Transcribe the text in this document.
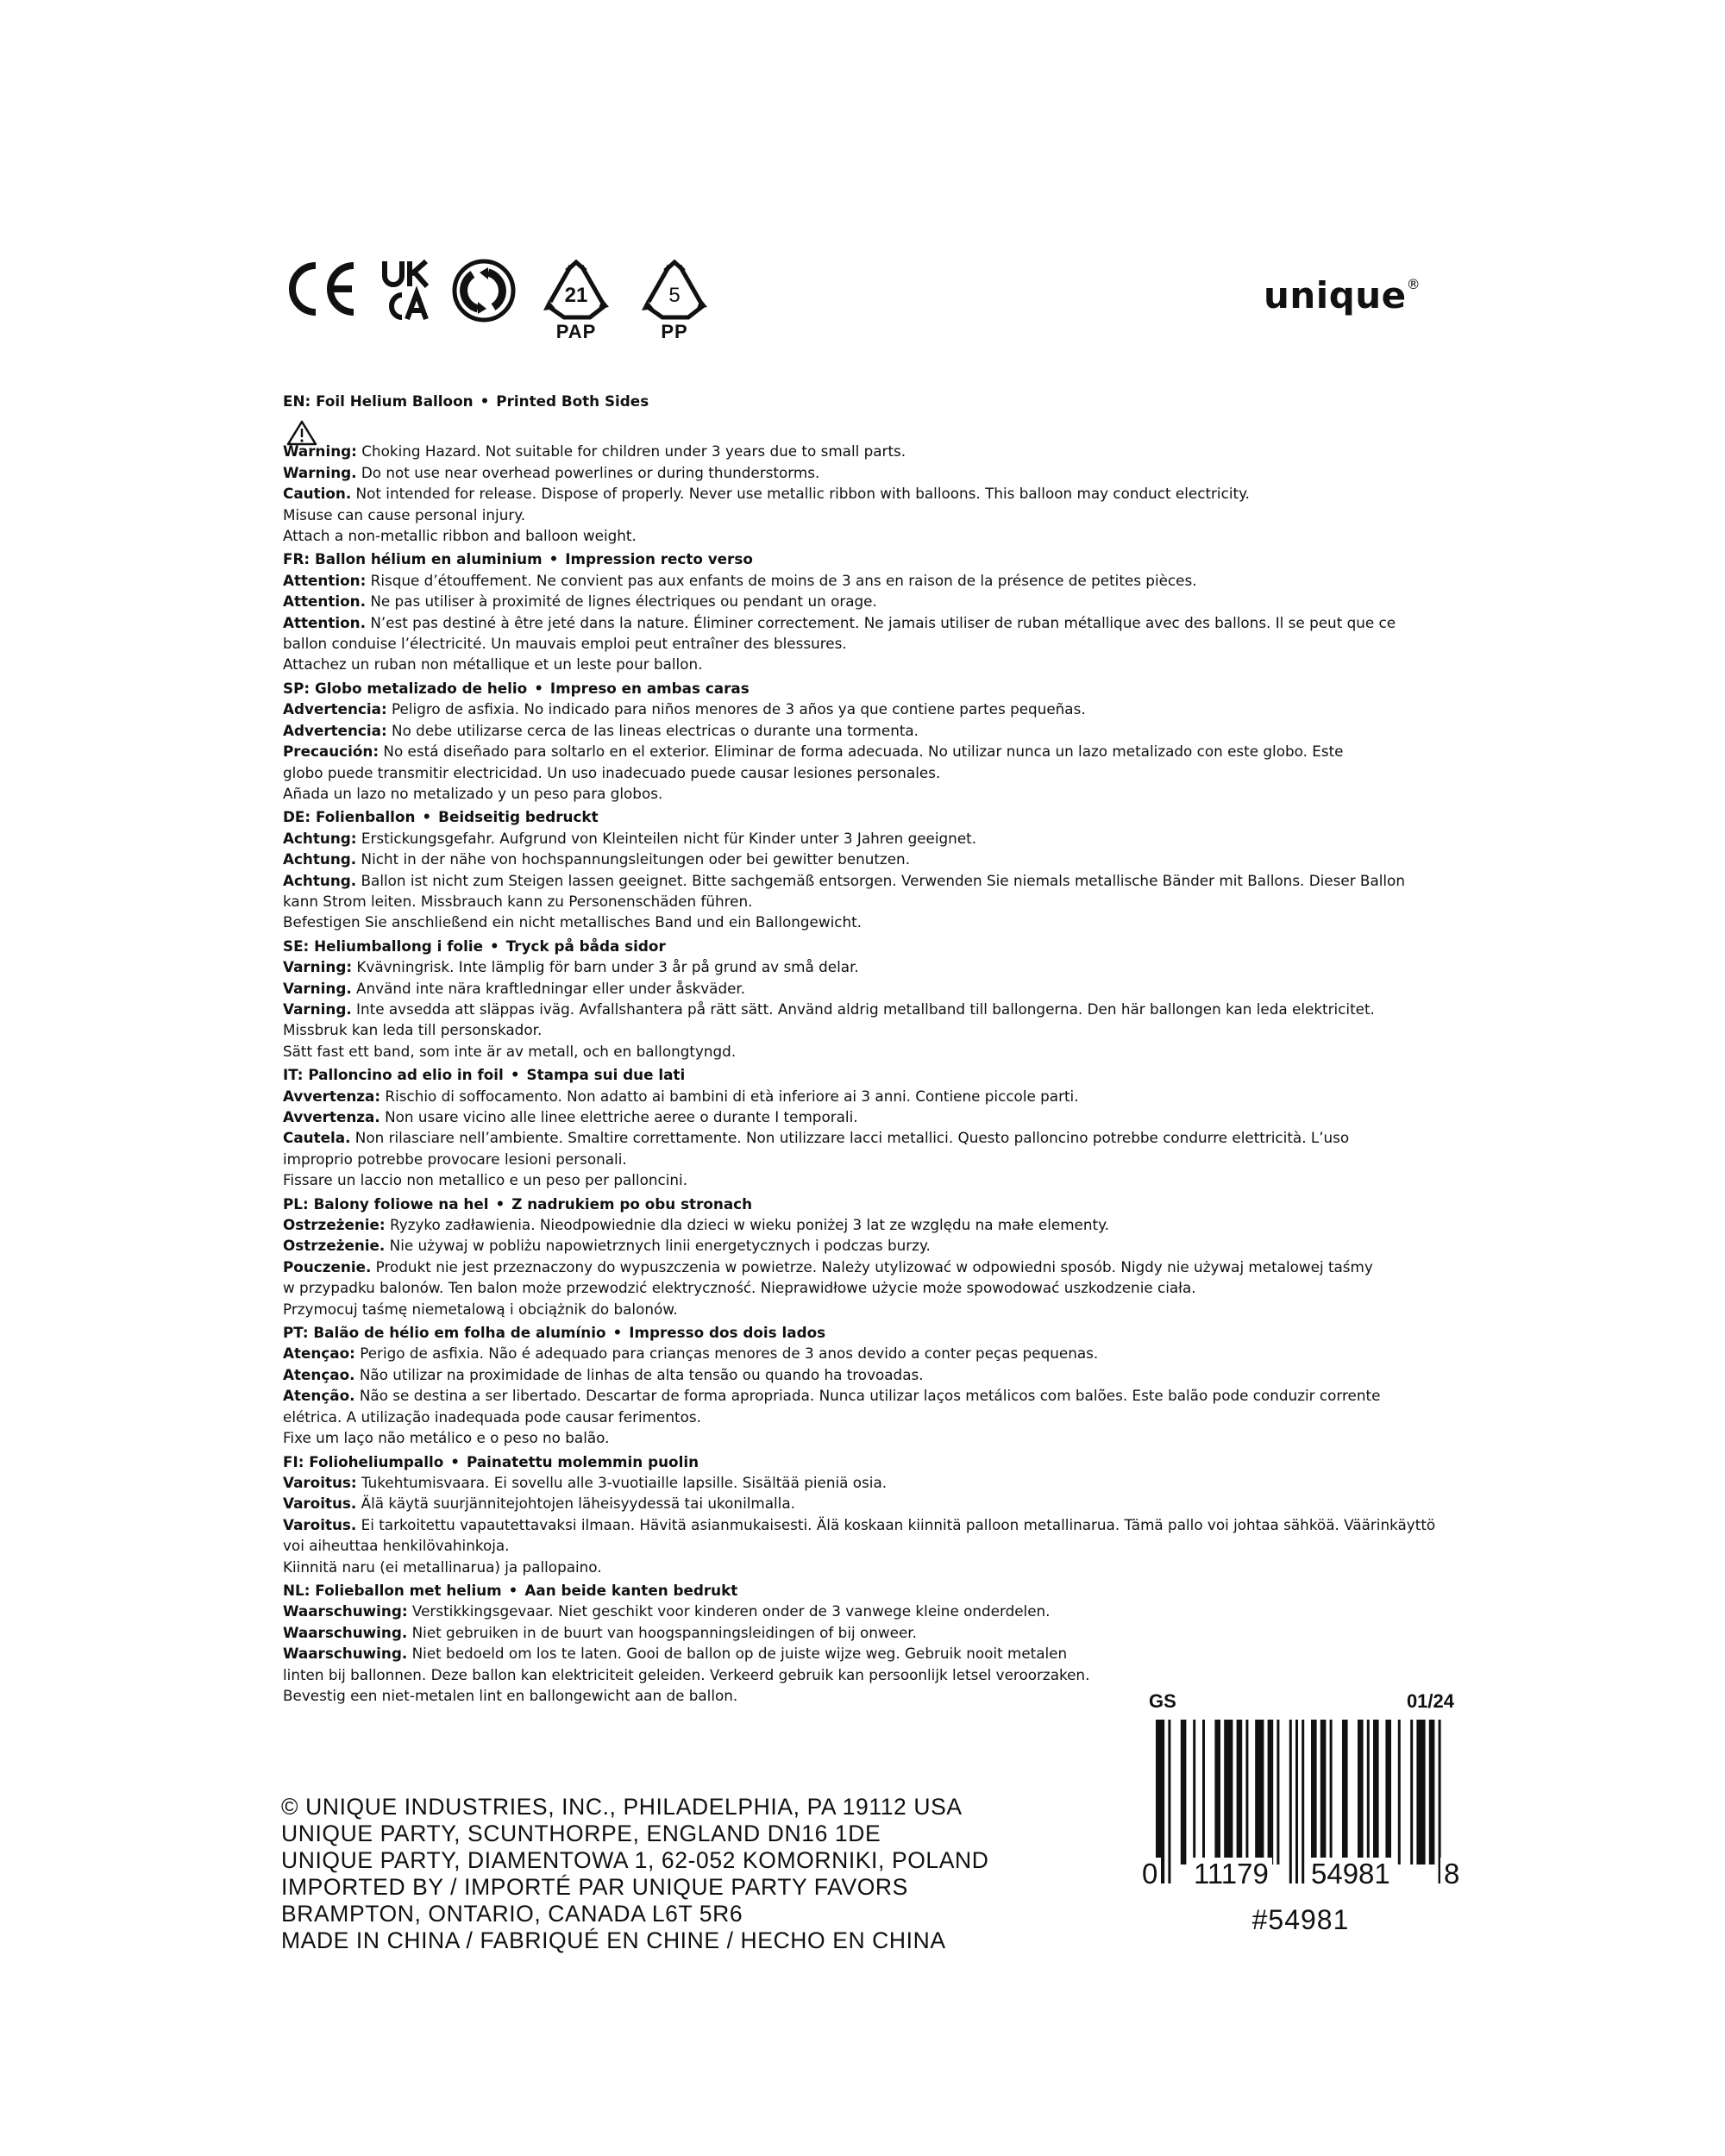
21
PAP
5
PP
unique®
EN: Foil Helium Balloon • Printed Both Sides
Warning: Choking Hazard. Not suitable for children under 3 years due to small parts.
Warning. Do not use near overhead powerlines or during thunderstorms.
Caution. Not intended for release. Dispose of properly. Never use metallic ribbon with balloons. This balloon may conduct electricity.
Misuse can cause personal injury.
Attach a non-metallic ribbon and balloon weight.
FR: Ballon hélium en aluminium • Impression recto verso
Attention: Risque d’étouffement. Ne convient pas aux enfants de moins de 3 ans en raison de la présence de petites pièces.
Attention. Ne pas utiliser à proximité de lignes électriques ou pendant un orage.
Attention. N’est pas destiné à être jeté dans la nature. Éliminer correctement. Ne jamais utiliser de ruban métallique avec des ballons. Il se peut que ce
ballon conduise l’électricité. Un mauvais emploi peut entraîner des blessures.
Attachez un ruban non métallique et un leste pour ballon.
SP: Globo metalizado de helio • Impreso en ambas caras
Advertencia: Peligro de asfixia. No indicado para niños menores de 3 años ya que contiene partes pequeñas.
Advertencia: No debe utilizarse cerca de las lineas electricas o durante una tormenta.
Precaución: No está diseñado para soltarlo en el exterior. Eliminar de forma adecuada. No utilizar nunca un lazo metalizado con este globo. Este
globo puede transmitir electricidad. Un uso inadecuado puede causar lesiones personales.
Añada un lazo no metalizado y un peso para globos.
DE: Folienballon • Beidseitig bedruckt
Achtung: Erstickungsgefahr. Aufgrund von Kleinteilen nicht für Kinder unter 3 Jahren geeignet.
Achtung. Nicht in der nähe von hochspannungsleitungen oder bei gewitter benutzen.
Achtung. Ballon ist nicht zum Steigen lassen geeignet. Bitte sachgemäß entsorgen. Verwenden Sie niemals metallische Bänder mit Ballons. Dieser Ballon
kann Strom leiten. Missbrauch kann zu Personenschäden führen.
Befestigen Sie anschließend ein nicht metallisches Band und ein Ballongewicht.
SE: Heliumballong i folie • Tryck på båda sidor
Varning: Kvävningrisk. Inte lämplig för barn under 3 år på grund av små delar.
Varning. Använd inte nära kraftledningar eller under åskväder.
Varning. Inte avsedda att släppas iväg. Avfallshantera på rätt sätt. Använd aldrig metallband till ballongerna. Den här ballongen kan leda elektricitet.
Missbruk kan leda till personskador.
Sätt fast ett band, som inte är av metall, och en ballongtyngd.
IT: Palloncino ad elio in foil • Stampa sui due lati
Avvertenza: Rischio di soffocamento. Non adatto ai bambini di età inferiore ai 3 anni. Contiene piccole parti.
Avvertenza. Non usare vicino alle linee elettriche aeree o durante I temporali.
Cautela. Non rilasciare nell’ambiente. Smaltire correttamente. Non utilizzare lacci metallici. Questo palloncino potrebbe condurre elettricità. L’uso
improprio potrebbe provocare lesioni personali.
Fissare un laccio non metallico e un peso per palloncini.
PL: Balony foliowe na hel • Z nadrukiem po obu stronach
Ostrzeżenie: Ryzyko zadławienia. Nieodpowiednie dla dzieci w wieku poniżej 3 lat ze względu na małe elementy.
Ostrzeżenie. Nie używaj w pobliżu napowietrznych linii energetycznych i podczas burzy.
Pouczenie. Produkt nie jest przeznaczony do wypuszczenia w powietrze. Należy utylizować w odpowiedni sposób. Nigdy nie używaj metalowej taśmy
w przypadku balonów. Ten balon może przewodzić elektryczność. Nieprawidłowe użycie może spowodować uszkodzenie ciała.
Przymocuj taśmę niemetalową i obciążnik do balonów.
PT: Balão de hélio em folha de alumínio • Impresso dos dois lados
Atençao: Perigo de asfixia. Não é adequado para crianças menores de 3 anos devido a conter peças pequenas.
Atençao. Não utilizar na proximidade de linhas de alta tensão ou quando ha trovoadas.
Atenção. Não se destina a ser libertado. Descartar de forma apropriada. Nunca utilizar laços metálicos com balões. Este balão pode conduzir corrente
elétrica. A utilização inadequada pode causar ferimentos.
Fixe um laço não metálico e o peso no balão.
FI: Folioheliumpallo • Painatettu molemmin puolin
Varoitus: Tukehtumisvaara. Ei sovellu alle 3-vuotiaille lapsille. Sisältää pieniä osia.
Varoitus. Älä käytä suurjännitejohtojen läheisyydessä tai ukonilmalla.
Varoitus. Ei tarkoitettu vapautettavaksi ilmaan. Hävitä asianmukaisesti. Älä koskaan kiinnitä palloon metallinarua. Tämä pallo voi johtaa sähköä. Väärinkäyttö
voi aiheuttaa henkilövahinkoja.
Kiinnitä naru (ei metallinarua) ja pallopaino.
NL: Folieballon met helium • Aan beide kanten bedrukt
Waarschuwing: Verstikkingsgevaar. Niet geschikt voor kinderen onder de 3 vanwege kleine onderdelen.
Waarschuwing. Niet gebruiken in de buurt van hoogspanningsleidingen of bij onweer.
Waarschuwing. Niet bedoeld om los te laten. Gooi de ballon op de juiste wijze weg. Gebruik nooit metalen
linten bij ballonnen. Deze ballon kan elektriciteit geleiden. Verkeerd gebruik kan persoonlijk letsel veroorzaken.
Bevestig een niet-metalen lint en ballongewicht aan de ballon.	GS	01/24
0 11179 54981 8
#54981
© UNIQUE INDUSTRIES, INC., PHILADELPHIA, PA 19112 USA
UNIQUE PARTY, SCUNTHORPE, ENGLAND DN16 1DE
UNIQUE PARTY, DIAMENTOWA 1, 62-052 KOMORNIKI, POLAND
IMPORTED BY / IMPORTÉ PAR UNIQUE PARTY FAVORS
BRAMPTON, ONTARIO, CANADA L6T 5R6
MADE IN CHINA / FABRIQUÉ EN CHINE / HECHO EN CHINA
